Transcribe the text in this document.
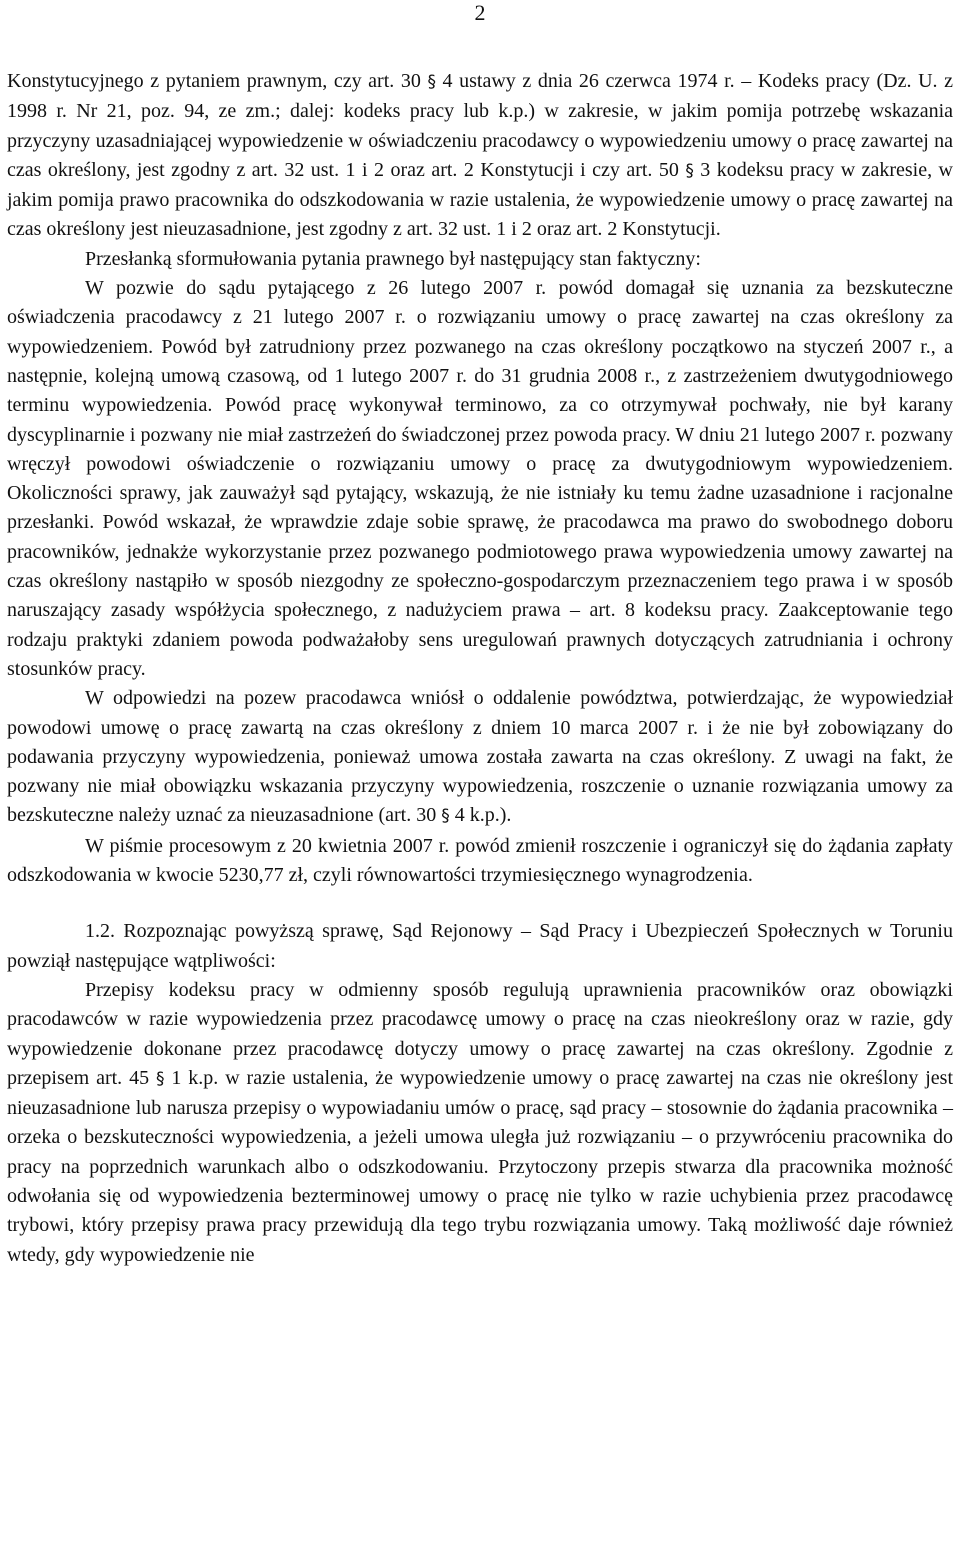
2

Konstytucyjnego z pytaniem prawnym, czy art. 30 § 4 ustawy z dnia 26 czerwca 1974 r. – Kodeks pracy (Dz. U. z 1998 r. Nr 21, poz. 94, ze zm.; dalej: kodeks pracy lub k.p.) w zakresie, w jakim pomija potrzebę wskazania przyczyny uzasadniającej wypowiedzenie w oświadczeniu pracodawcy o wypowiedzeniu umowy o pracę zawartej na czas określony, jest zgodny z art. 32 ust. 1 i 2 oraz art. 2 Konstytucji i czy art. 50 § 3 kodeksu pracy w zakresie, w jakim pomija prawo pracownika do odszkodowania w razie ustalenia, że wypowiedzenie umowy o pracę zawartej na czas określony jest nieuzasadnione, jest zgodny z art. 32 ust. 1 i 2 oraz art. 2 Konstytucji.

Przesłanką sformułowania pytania prawnego był następujący stan faktyczny:

W pozwie do sądu pytającego z 26 lutego 2007 r. powód domagał się uznania za bezskuteczne oświadczenia pracodawcy z 21 lutego 2007 r. o rozwiązaniu umowy o pracę zawartej na czas określony za wypowiedzeniem. Powód był zatrudniony przez pozwanego na czas określony początkowo na styczeń 2007 r., a następnie, kolejną umową czasową, od 1 lutego 2007 r. do 31 grudnia 2008 r., z zastrzeżeniem dwutygodniowego terminu wypowiedzenia. Powód pracę wykonywał terminowo, za co otrzymywał pochwały, nie był karany dyscyplinarnie i pozwany nie miał zastrzeżeń do świadczonej przez powoda pracy. W dniu 21 lutego 2007 r. pozwany wręczył powodowi oświadczenie o rozwiązaniu umowy o pracę za dwutygodniowym wypowiedzeniem. Okoliczności sprawy, jak zauważył sąd pytający, wskazują, że nie istniały ku temu żadne uzasadnione i racjonalne przesłanki. Powód wskazał, że wprawdzie zdaje sobie sprawę, że pracodawca ma prawo do swobodnego doboru pracowników, jednakże wykorzystanie przez pozwanego podmiotowego prawa wypowiedzenia umowy zawartej na czas określony nastąpiło w sposób niezgodny ze społeczno-gospodarczym przeznaczeniem tego prawa i w sposób naruszający zasady współżycia społecznego, z nadużyciem prawa – art. 8 kodeksu pracy. Zaakceptowanie tego rodzaju praktyki zdaniem powoda podważałoby sens uregulowań prawnych dotyczących zatrudniania i ochrony stosunków pracy.

W odpowiedzi na pozew pracodawca wniósł o oddalenie powództwa, potwierdzając, że wypowiedział powodowi umowę o pracę zawartą na czas określony z dniem 10 marca 2007 r. i że nie był zobowiązany do podawania przyczyny wypowiedzenia, ponieważ umowa została zawarta na czas określony. Z uwagi na fakt, że pozwany nie miał obowiązku wskazania przyczyny wypowiedzenia, roszczenie o uznanie rozwiązania umowy za bezskuteczne należy uznać za nieuzasadnione (art. 30 § 4 k.p.).

W piśmie procesowym z 20 kwietnia 2007 r. powód zmienił roszczenie i ograniczył się do żądania zapłaty odszkodowania w kwocie 5230,77 zł, czyli równowartości trzymiesięcznego wynagrodzenia.

1.2. Rozpoznając powyższą sprawę, Sąd Rejonowy – Sąd Pracy i Ubezpieczeń Społecznych w Toruniu powziął następujące wątpliwości:

Przepisy kodeksu pracy w odmienny sposób regulują uprawnienia pracowników oraz obowiązki pracodawców w razie wypowiedzenia przez pracodawcę umowy o pracę na czas nieokreślony oraz w razie, gdy wypowiedzenie dokonane przez pracodawcę dotyczy umowy o pracę zawartej na czas określony. Zgodnie z przepisem art. 45 § 1 k.p. w razie ustalenia, że wypowiedzenie umowy o pracę zawartej na czas nie określony jest nieuzasadnione lub narusza przepisy o wypowiadaniu umów o pracę, sąd pracy – stosownie do żądania pracownika – orzeka o bezskuteczności wypowiedzenia, a jeżeli umowa uległa już rozwiązaniu – o przywróceniu pracownika do pracy na poprzednich warunkach albo o odszkodowaniu. Przytoczony przepis stwarza dla pracownika możność odwołania się od wypowiedzenia bezterminowej umowy o pracę nie tylko w razie uchybienia przez pracodawcę trybowi, który przepisy prawa pracy przewidują dla tego trybu rozwiązania umowy. Taką możliwość daje również wtedy, gdy wypowiedzenie nie
